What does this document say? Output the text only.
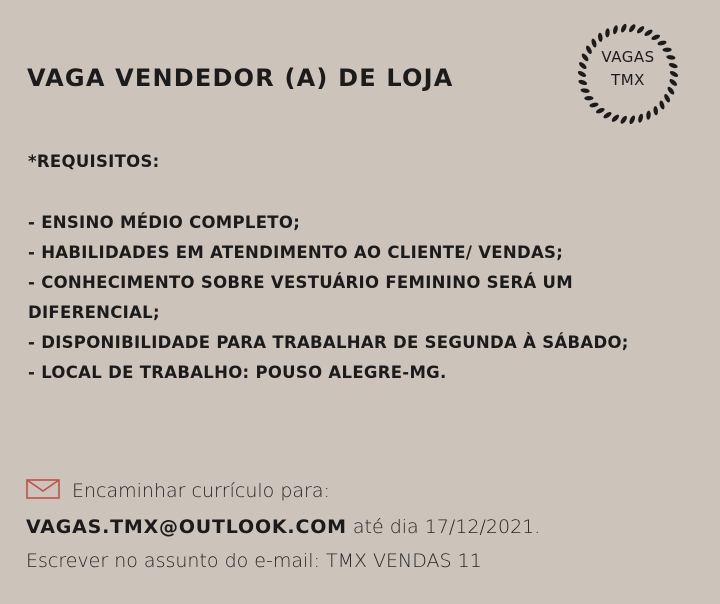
VAGA VENDEDOR (A) DE LOJA
VAGAS
TMX
*REQUISITOS:
- ENSINO MÉDIO COMPLETO;
- HABILIDADES EM ATENDIMENTO AO CLIENTE/ VENDAS;
- CONHECIMENTO SOBRE VESTUÁRIO FEMININO SERÁ UM
DIFERENCIAL;
- DISPONIBILIDADE PARA TRABALHAR DE SEGUNDA À SÁBADO;
- LOCAL DE TRABALHO: POUSO ALEGRE-MG.
Encaminhar currículo para:
VAGAS.TMX@OUTLOOK.COM até dia 17/12/2021.
Escrever no assunto do e-mail: TMX VENDAS 11
